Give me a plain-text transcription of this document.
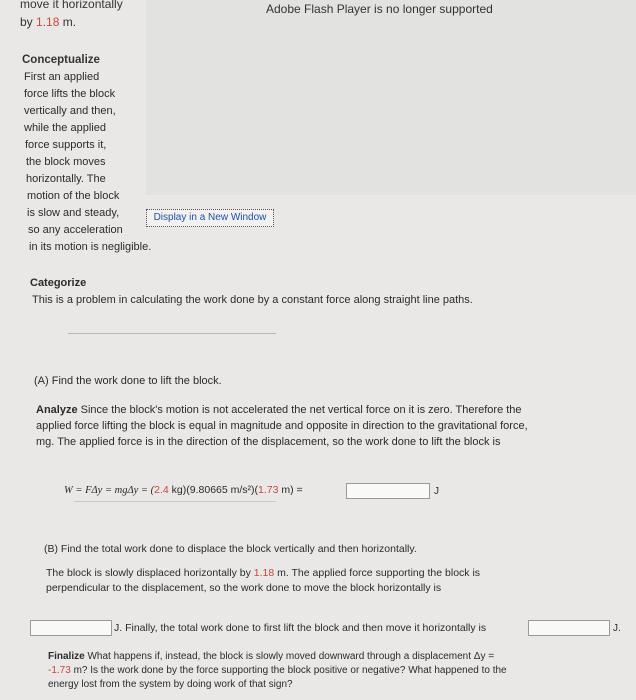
move it horizontally
by 1.18 m.
Adobe Flash Player is no longer supported
Conceptualize
First an applied
force lifts the block
vertically and then,
while the applied
force supports it,
the block moves
horizontally. The
motion of the block
is slow and steady,
so any acceleration
in its motion is negligible.
Display in a New Window
Categorize
This is a problem in calculating the work done by a constant force along straight line paths.
(A) Find the work done to lift the block.
Analyze Since the block's motion is not accelerated the net vertical force on it is zero. Therefore the
applied force lifting the block is equal in magnitude and opposite in direction to the gravitational force,
mg. The applied force is in the direction of the displacement, so the work done to lift the block is
W = FΔy = mgΔy = (2.4 kg)(9.80665 m/s²)(1.73 m) =	J
(B) Find the total work done to displace the block vertically and then horizontally.
The block is slowly displaced horizontally by 1.18 m. The applied force supporting the block is
perpendicular to the displacement, so the work done to move the block horizontally is
J. Finally, the total work done to first lift the block and then move it horizontally is	J.
Finalize What happens if, instead, the block is slowly moved downward through a displacement Δy =
-1.73 m? Is the work done by the force supporting the block positive or negative? What happened to the
energy lost from the system by doing work of that sign?
